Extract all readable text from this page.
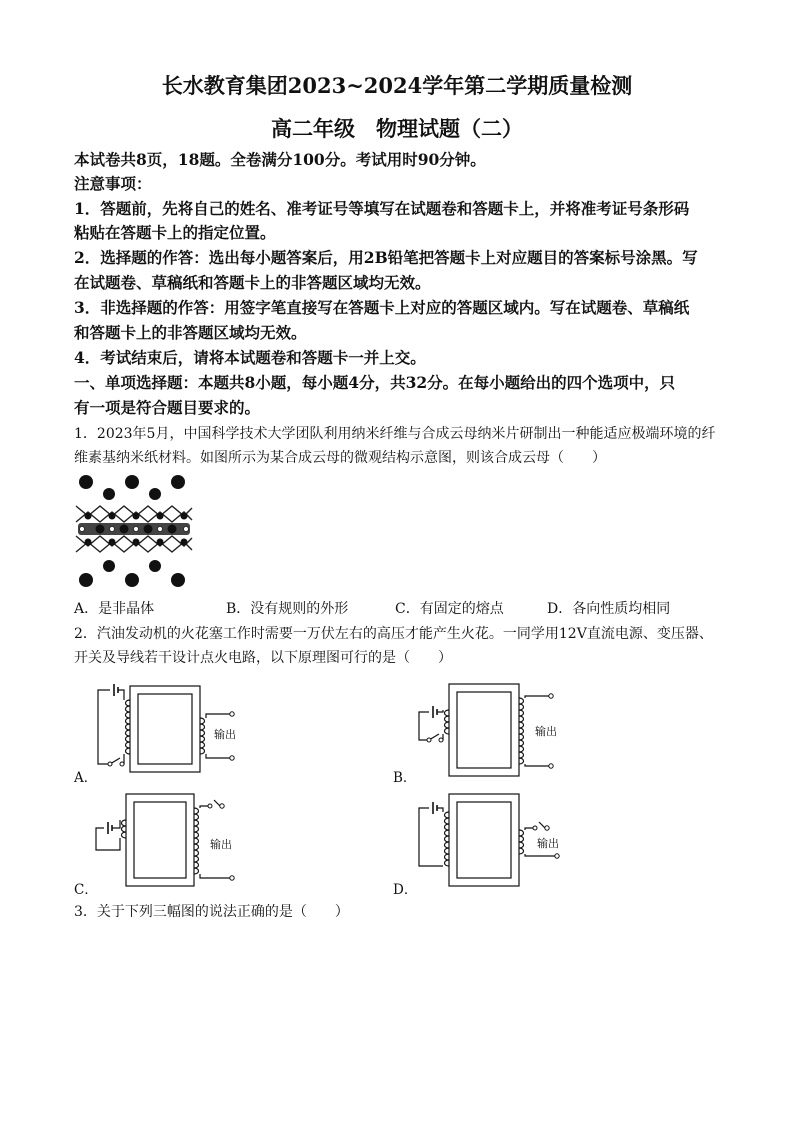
长水教育集团2023~2024学年第二学期质量检测
高二年级　物理试题（二）
本试卷共8页，18题。全卷满分100分。考试用时90分钟。
注意事项：
1．答题前，先将自己的姓名、准考证号等填写在试题卷和答题卡上，并将准考证号条形码
粘贴在答题卡上的指定位置。
2．选择题的作答：选出每小题答案后，用2B铅笔把答题卡上对应题目的答案标号涂黑。写
在试题卷、草稿纸和答题卡上的非答题区域均无效。
3．非选择题的作答：用签字笔直接写在答题卡上对应的答题区域内。写在试题卷、草稿纸
和答题卡上的非答题区域均无效。
4．考试结束后，请将本试题卷和答题卡一并上交。
一、单项选择题：本题共8小题，每小题4分，共32分。在每小题给出的四个选项中，只
有一项是符合题目要求的。
1．2023年5月，中国科学技术大学团队利用纳米纤维与合成云母纳米片研制出一种能适应极端环境的纤
维素基纳米纸材料。如图所示为某合成云母的微观结构示意图，则该合成云母（　　）
A．是非晶体	B．没有规则的外形	C．有固定的熔点	D．各向性质均相同
2．汽油发动机的火花塞工作时需要一万伏左右的高压才能产生火花。一同学用12V直流电源、变压器、
开关及导线若干设计点火电路，以下原理图可行的是（　　）
输出
A．
输出
B．
输出
C．
输出
D．
3．关于下列三幅图的说法正确的是（　　）
